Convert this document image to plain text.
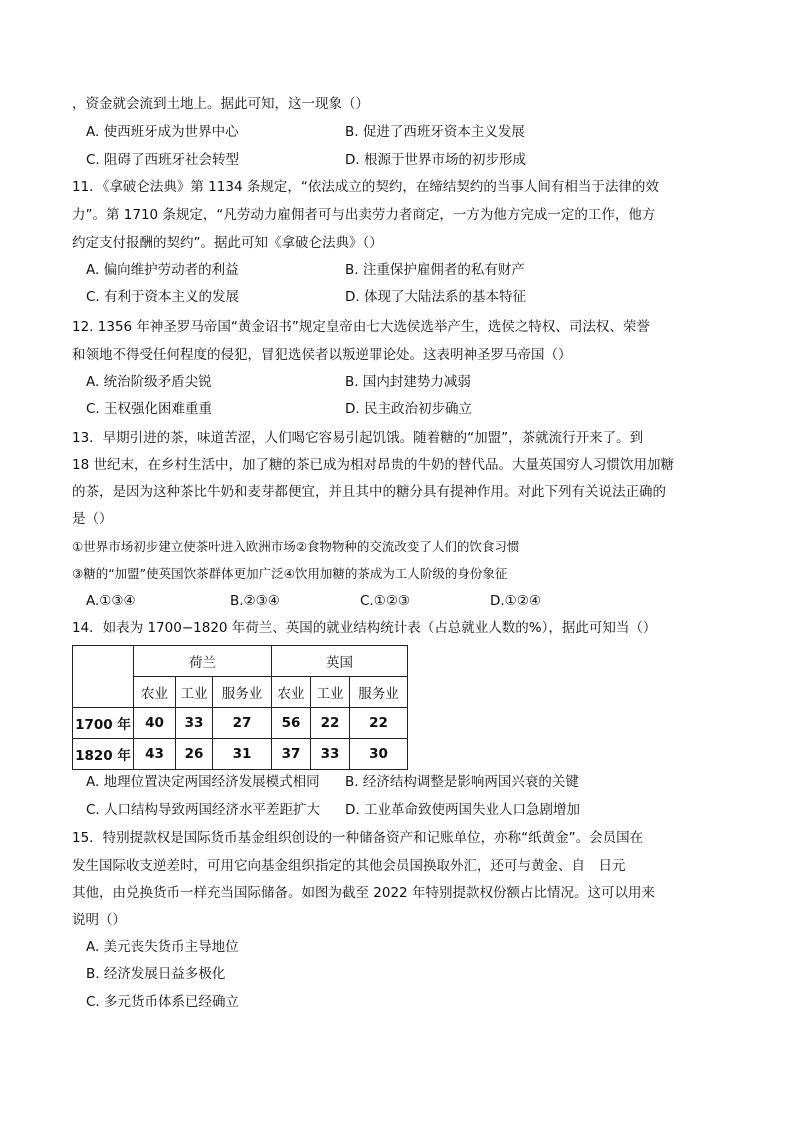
，资金就会流到土地上。据此可知，这一现象（）
A. 使西班牙成为世界中心	B. 促进了西班牙资本主义发展
C. 阻碍了西班牙社会转型	D. 根源于世界市场的初步形成
11．《拿破仑法典》第 1134 条规定，“依法成立的契约，在缔结契约的当事人间有相当于法律的效
力”。第 1710 条规定，“凡劳动力雇佣者可与出卖劳力者商定，一方为他方完成一定的工作，他方
约定支付报酬的契约”。据此可知《拿破仑法典》（）
A. 偏向维护劳动者的利益	B. 注重保护雇佣者的私有财产
C. 有利于资本主义的发展	D. 体现了大陆法系的基本特征
12. 1356 年神圣罗马帝国“黄金诏书”规定皇帝由七大选侯选举产生，选侯之特权、司法权、荣誉
和领地不得受任何程度的侵犯，冒犯选侯者以叛逆罪论处。这表明神圣罗马帝国（）
A. 统治阶级矛盾尖锐	B. 国内封建势力减弱
C. 王权强化困难重重	D. 民主政治初步确立
13．早期引进的茶，味道苦涩，人们喝它容易引起饥饿。随着糖的“加盟”，茶就流行开来了。到
18 世纪末，在乡村生活中，加了糖的茶已成为相对昂贵的牛奶的替代品。大量英国穷人习惯饮用加糖
的茶，是因为这种茶比牛奶和麦芽都便宜，并且其中的糖分具有提神作用。对此下列有关说法正确的
是（）
①世界市场初步建立使茶叶进入欧洲市场②食物物种的交流改变了人们的饮食习惯
③糖的“加盟”使英国饮茶群体更加广泛④饮用加糖的茶成为工人阶级的身份象征
A.①③④	B.②③④	C.①②③	D.①②④
14．如表为 1700−1820 年荷兰、英国的就业结构统计表（占总就业人数的%），据此可知当（）
	荷兰			英国		
	农业	工业	服务业	农业	工业	服务业
1700 年	40	33	27	56	22	22
1820 年	43	26	31	37	33	30
A. 地理位置决定两国经济发展模式相同 B. 经济结构调整是影响两国兴衰的关键
C. 人口结构导致两国经济水平差距扩大 D. 工业革命致使两国失业人口急剧增加
15．特别提款权是国际货币基金组织创设的一种储备资产和记账单位，亦称“纸黄金”。会员国在
发生国际收支逆差时，可用它向基金组织指定的其他会员国换取外汇，还可与黄金、自　日元
其他，由兑换货币一样充当国际储备。如图为截至 2022 年特别提款权份额占比情况。这可以用来
说明（）
A. 美元丧失货币主导地位
B. 经济发展日益多极化
C. 多元货币体系已经确立
